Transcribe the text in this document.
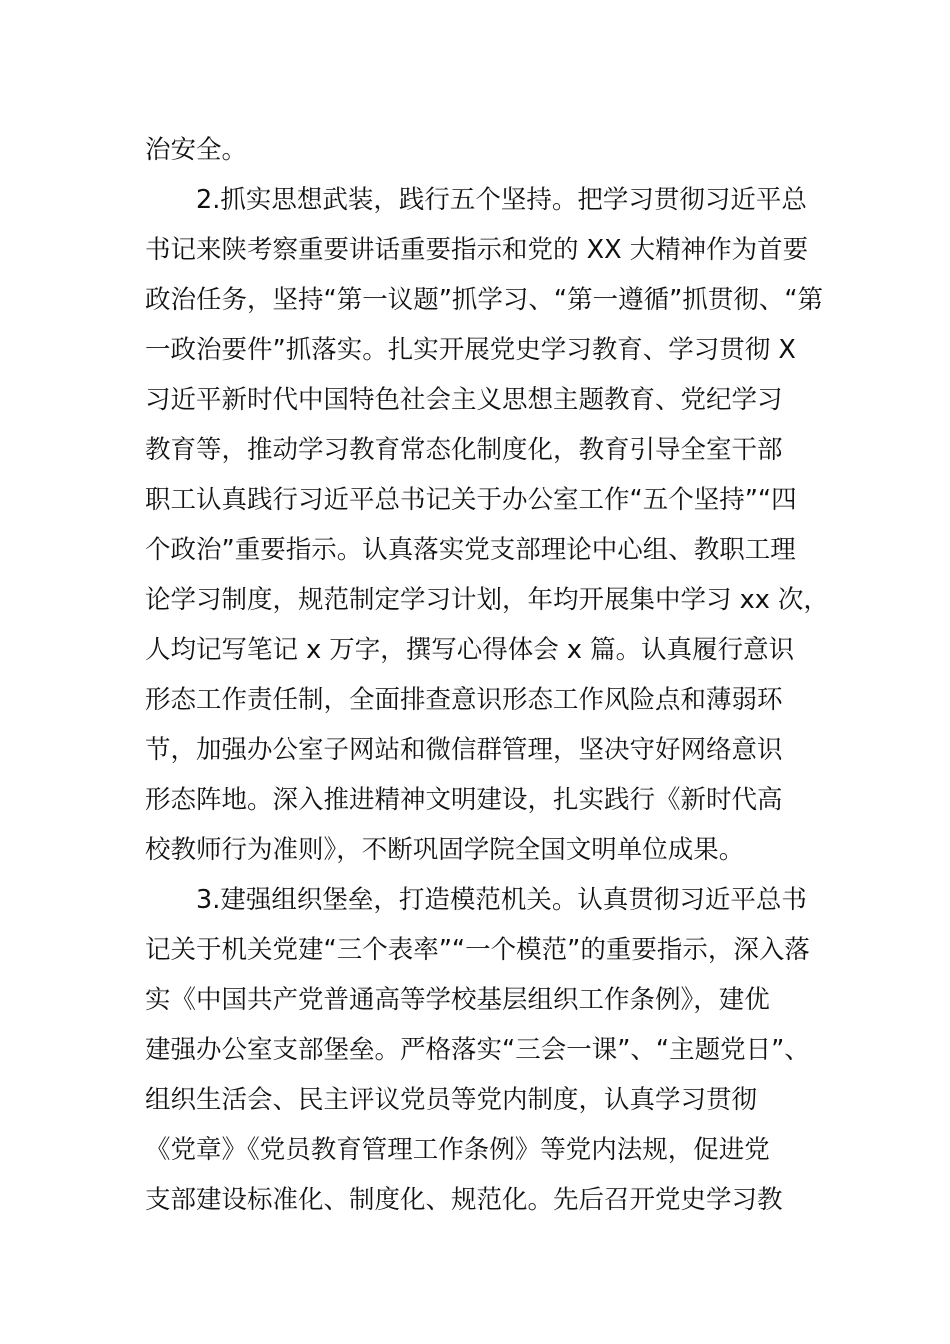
治安全。
2.抓实思想武装，践行五个坚持。把学习贯彻习近平总
书记来陕考察重要讲话重要指示和党的 XX 大精神作为首要
政治任务，坚持“第一议题”抓学习、“第一遵循”抓贯彻、“第
一政治要件”抓落实。扎实开展党史学习教育、学习贯彻 X
习近平新时代中国特色社会主义思想主题教育、党纪学习
教育等，推动学习教育常态化制度化，教育引导全室干部
职工认真践行习近平总书记关于办公室工作“五个坚持”“四
个政治”重要指示。认真落实党支部理论中心组、教职工理
论学习制度，规范制定学习计划，年均开展集中学习 xx 次，
人均记写笔记 x 万字，撰写心得体会 x 篇。认真履行意识
形态工作责任制，全面排查意识形态工作风险点和薄弱环
节，加强办公室子网站和微信群管理，坚决守好网络意识
形态阵地。深入推进精神文明建设，扎实践行《新时代高
校教师行为准则》，不断巩固学院全国文明单位成果。
3.建强组织堡垒，打造模范机关。认真贯彻习近平总书
记关于机关党建“三个表率”“一个模范”的重要指示，深入落
实《中国共产党普通高等学校基层组织工作条例》，建优
建强办公室支部堡垒。严格落实“三会一课”、“主题党日”、
组织生活会、民主评议党员等党内制度，认真学习贯彻
《党章》《党员教育管理工作条例》等党内法规，促进党
支部建设标准化、制度化、规范化。先后召开党史学习教
